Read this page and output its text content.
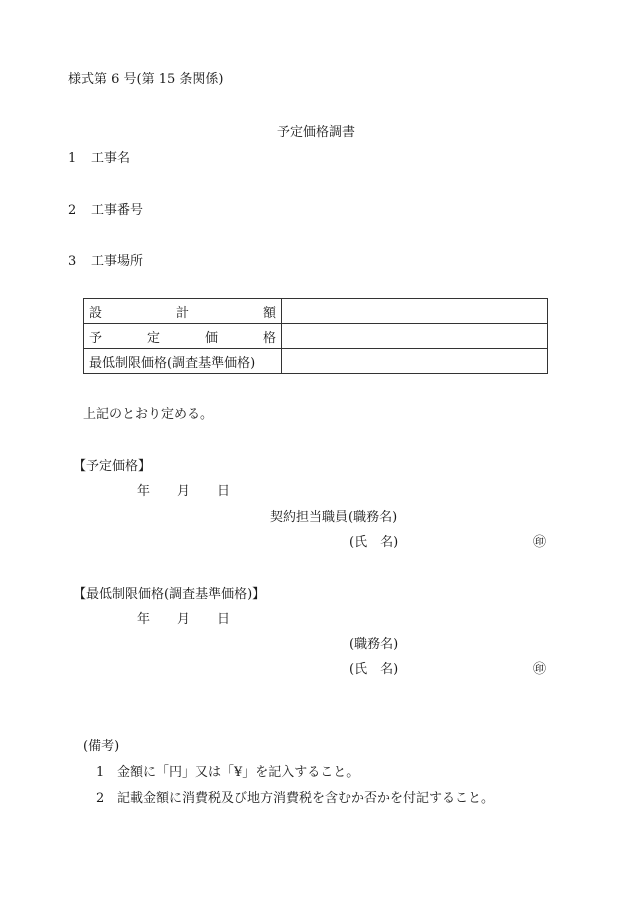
様式第 6 号(第 15 条関係)
予定価格調書
1 工事名
2 工事番号
3 工事場所
設 計 額	

予 定 価 格	

最低制限価格(調査基準価格)	
上記のとおり定める。
【予定価格】
年 月 日
契約担当職員(職務名)
(氏　名)	㊞
【最低制限価格(調査基準価格)】
年 月 日
(職務名)
(氏　名)	㊞
(備考)
1 金額に「円」又は「¥」を記入すること。
2 記載金額に消費税及び地方消費税を含むか否かを付記すること。
